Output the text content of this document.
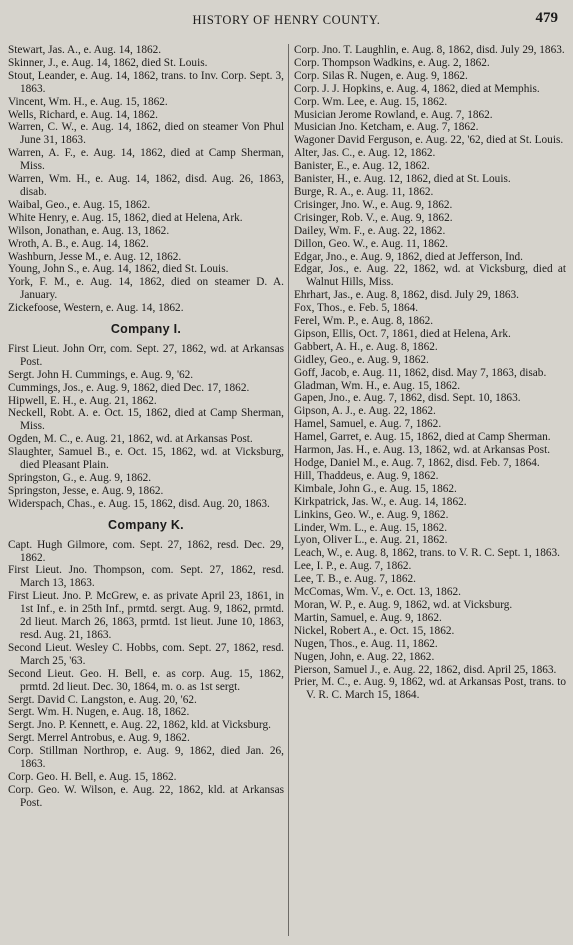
HISTORY OF HENRY COUNTY.	479

Stewart, Jas. A., e. Aug. 14, 1862.

Skinner, J., e. Aug. 14, 1862, died St. Louis.

Stout, Leander, e. Aug. 14, 1862, trans. to Inv. Corp. Sept. 3, 1863.

Vincent, Wm. H., e. Aug. 15, 1862.

Wells, Richard, e. Aug. 14, 1862.

Warren, C. W., e. Aug. 14, 1862, died on steamer Von Phul June 31, 1863.

Warren, A. F., e. Aug. 14, 1862, died at Camp Sherman, Miss.

Warren, Wm. H., e. Aug. 14, 1862, disd. Aug. 26, 1863, disab.

Waibal, Geo., e. Aug. 15, 1862.

White Henry, e. Aug. 15, 1862, died at Helena, Ark.

Wilson, Jonathan, e. Aug. 13, 1862.

Wroth, A. B., e. Aug. 14, 1862.

Washburn, Jesse M., e. Aug. 12, 1862.

Young, John S., e. Aug. 14, 1862, died St. Louis.

York, F. M., e. Aug. 14, 1862, died on steamer D. A. January.

Zickefoose, Western, e. Aug. 14, 1862.

Company I.

First Lieut. John Orr, com. Sept. 27, 1862, wd. at Arkansas Post.

Sergt. John H. Cummings, e. Aug. 9, '62.

Cummings, Jos., e. Aug. 9, 1862, died Dec. 17, 1862.

Hipwell, E. H., e. Aug. 21, 1862.

Neckell, Robt. A. e. Oct. 15, 1862, died at Camp Sherman, Miss.

Ogden, M. C., e. Aug. 21, 1862, wd. at Arkansas Post.

Slaughter, Samuel B., e. Oct. 15, 1862, wd. at Vicksburg, died Pleasant Plain.

Springston, G., e. Aug. 9, 1862.

Springston, Jesse, e. Aug. 9, 1862.

Widerspach, Chas., e. Aug. 15, 1862, disd. Aug. 20, 1863.

Company K.

Capt. Hugh Gilmore, com. Sept. 27, 1862, resd. Dec. 29, 1862.

First Lieut. Jno. Thompson, com. Sept. 27, 1862, resd. March 13, 1863.

First Lieut. Jno. P. McGrew, e. as private April 23, 1861, in 1st Inf., e. in 25th Inf., prmtd. sergt. Aug. 9, 1862, prmtd. 2d lieut. March 26, 1863, prmtd. 1st lieut. June 10, 1863, resd. Aug. 21, 1863.

Second Lieut. Wesley C. Hobbs, com. Sept. 27, 1862, resd. March 25, '63.

Second Lieut. Geo. H. Bell, e. as corp. Aug. 15, 1862, prmtd. 2d lieut. Dec. 30, 1864, m. o. as 1st sergt.

Sergt. David C. Langston, e. Aug. 20, '62.

Sergt. Wm. H. Nugen, e. Aug. 18, 1862.

Sergt. Jno. P. Kennett, e. Aug. 22, 1862, kld. at Vicksburg.

Sergt. Merrel Antrobus, e. Aug. 9, 1862.

Corp. Stillman Northrop, e. Aug. 9, 1862, died Jan. 26, 1863.

Corp. Geo. H. Bell, e. Aug. 15, 1862.

Corp. Geo. W. Wilson, e. Aug. 22, 1862, kld. at Arkansas Post.

Corp. Jno. T. Laughlin, e. Aug. 8, 1862, disd. July 29, 1863.

Corp. Thompson Wadkins, e. Aug. 2, 1862.

Corp. Silas R. Nugen, e. Aug. 9, 1862.

Corp. J. J. Hopkins, e. Aug. 4, 1862, died at Memphis.

Corp. Wm. Lee, e. Aug. 15, 1862.

Musician Jerome Rowland, e. Aug. 7, 1862.

Musician Jno. Ketcham, e. Aug. 7, 1862.

Wagoner David Ferguson, e. Aug. 22, '62, died at St. Louis.

Alter, Jas. C., e. Aug. 12, 1862.

Banister, E., e. Aug. 12, 1862.

Banister, H., e. Aug. 12, 1862, died at St. Louis.

Burge, R. A., e. Aug. 11, 1862.

Crisinger, Jno. W., e. Aug. 9, 1862.

Crisinger, Rob. V., e. Aug. 9, 1862.

Dailey, Wm. F., e. Aug. 22, 1862.

Dillon, Geo. W., e. Aug. 11, 1862.

Edgar, Jno., e. Aug. 9, 1862, died at Jefferson, Ind.

Edgar, Jos., e. Aug. 22, 1862, wd. at Vicksburg, died at Walnut Hills, Miss.

Ehrhart, Jas., e. Aug. 8, 1862, disd. July 29, 1863.

Fox, Thos., e. Feb. 5, 1864.

Ferel, Wm. P., e. Aug. 8, 1862.

Gipson, Ellis, Oct. 7, 1861, died at Helena, Ark.

Gabbert, A. H., e. Aug. 8, 1862.

Gidley, Geo., e. Aug. 9, 1862.

Goff, Jacob, e. Aug. 11, 1862, disd. May 7, 1863, disab.

Gladman, Wm. H., e. Aug. 15, 1862.

Gapen, Jno., e. Aug. 7, 1862, disd. Sept. 10, 1863.

Gipson, A. J., e. Aug. 22, 1862.

Hamel, Samuel, e. Aug. 7, 1862.

Hamel, Garret, e. Aug. 15, 1862, died at Camp Sherman.

Harmon, Jas. H., e. Aug. 13, 1862, wd. at Arkansas Post.

Hodge, Daniel M., e. Aug. 7, 1862, disd. Feb. 7, 1864.

Hill, Thaddeus, e. Aug. 9, 1862.

Kimbale, John G., e. Aug. 15, 1862.

Kirkpatrick, Jas. W., e. Aug. 14, 1862.

Linkins, Geo. W., e. Aug. 9, 1862.

Linder, Wm. L., e. Aug. 15, 1862.

Lyon, Oliver L., e. Aug. 21, 1862.

Leach, W., e. Aug. 8, 1862, trans. to V. R. C. Sept. 1, 1863.

Lee, I. P., e. Aug. 7, 1862.

Lee, T. B., e. Aug. 7, 1862.

McComas, Wm. V., e. Oct. 13, 1862.

Moran, W. P., e. Aug. 9, 1862, wd. at Vicksburg.

Martin, Samuel, e. Aug. 9, 1862.

Nickel, Robert A., e. Oct. 15, 1862.

Nugen, Thos., e. Aug. 11, 1862.

Nugen, John, e. Aug. 22, 1862.

Pierson, Samuel J., e. Aug. 22, 1862, disd. April 25, 1863.

Prier, M. C., e. Aug. 9, 1862, wd. at Arkansas Post, trans. to V. R. C. March 15, 1864.
